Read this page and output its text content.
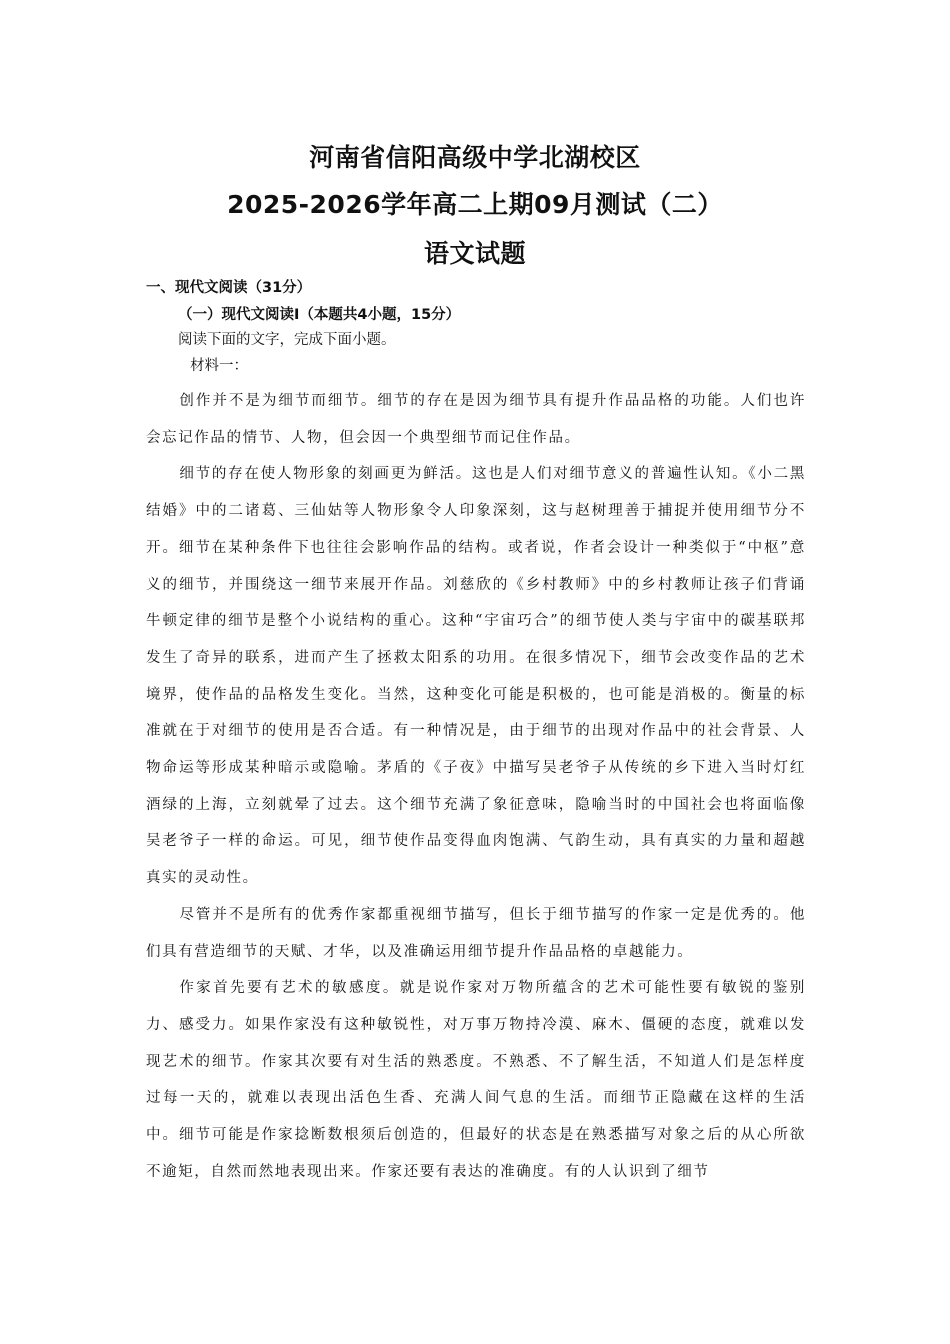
河南省信阳高级中学北湖校区
2025-2026学年高二上期09月测试（二）
语文试题
一、现代文阅读（31分）
（一）现代文阅读Ⅰ（本题共4小题，15分）
阅读下面的文字，完成下面小题。
材料一：

创作并不是为细节而细节。细节的存在是因为细节具有提升作品品格的功能。人们也许会忘记作品的情节、人物，但会因一个典型细节而记住作品。

细节的存在使人物形象的刻画更为鲜活。这也是人们对细节意义的普遍性认知。《小二黑结婚》中的二诸葛、三仙姑等人物形象令人印象深刻，这与赵树理善于捕捉并使用细节分不开。细节在某种条件下也往往会影响作品的结构。或者说，作者会设计一种类似于“中枢”意义的细节，并围绕这一细节来展开作品。刘慈欣的《乡村教师》中的乡村教师让孩子们背诵牛顿定律的细节是整个小说结构的重心。这种“宇宙巧合”的细节使人类与宇宙中的碳基联邦发生了奇异的联系，进而产生了拯救太阳系的功用。在很多情况下，细节会改变作品的艺术境界，使作品的品格发生变化。当然，这种变化可能是积极的，也可能是消极的。衡量的标准就在于对细节的使用是否合适。有一种情况是，由于细节的出现对作品中的社会背景、人物命运等形成某种暗示或隐喻。茅盾的《子夜》中描写吴老爷子从传统的乡下进入当时灯红酒绿的上海，立刻就晕了过去。这个细节充满了象征意味，隐喻当时的中国社会也将面临像吴老爷子一样的命运。可见，细节使作品变得血肉饱满、气韵生动，具有真实的力量和超越真实的灵动性。

尽管并不是所有的优秀作家都重视细节描写，但长于细节描写的作家一定是优秀的。他们具有营造细节的天赋、才华，以及准确运用细节提升作品品格的卓越能力。

作家首先要有艺术的敏感度。就是说作家对万物所蕴含的艺术可能性要有敏锐的鉴别力、感受力。如果作家没有这种敏锐性，对万事万物持冷漠、麻木、僵硬的态度，就难以发现艺术的细节。作家其次要有对生活的熟悉度。不熟悉、不了解生活，不知道人们是怎样度过每一天的，就难以表现出活色生香、充满人间气息的生活。而细节正隐藏在这样的生活中。细节可能是作家捻断数根须后创造的，但最好的状态是在熟悉描写对象之后的从心所欲不逾矩，自然而然地表现出来。作家还要有表达的准确度。有的人认识到了细节
